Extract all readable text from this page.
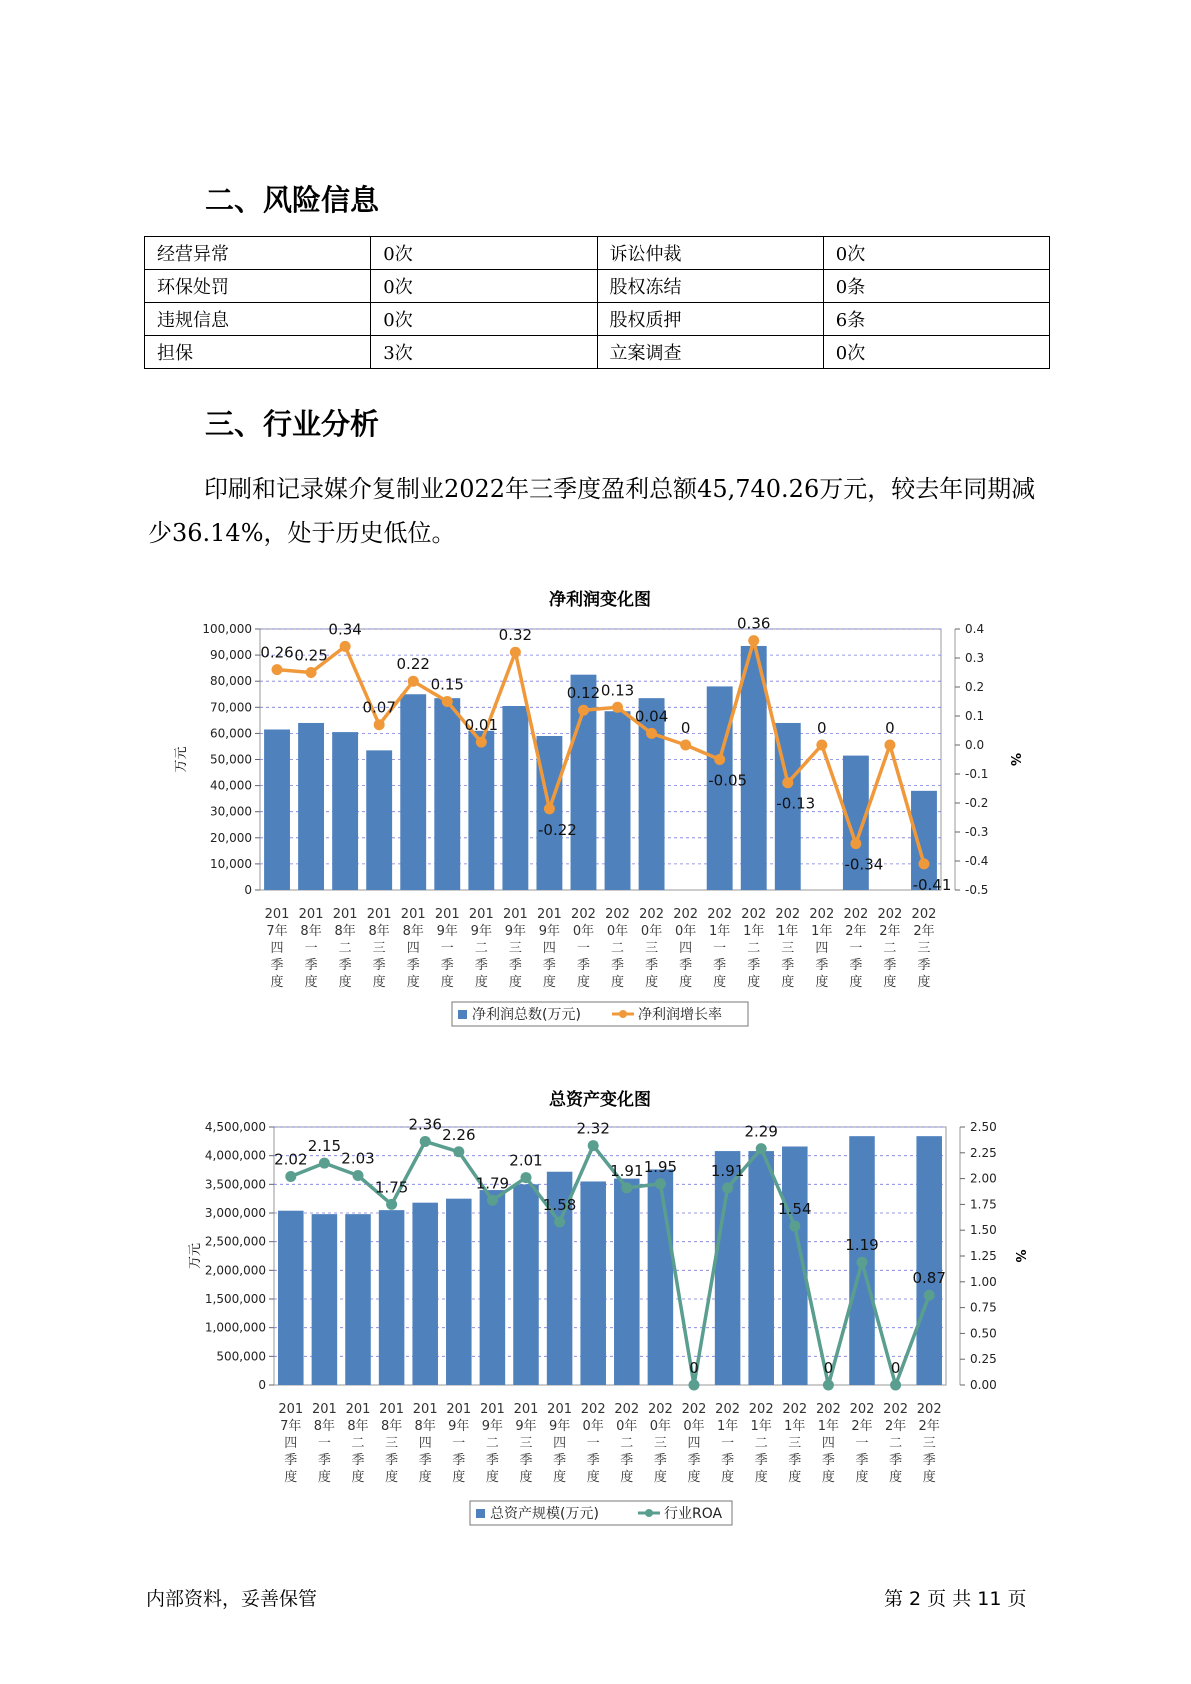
二、风险信息
经营异常	0次	诉讼仲裁	0次
环保处罚	0次	股权冻结	0条
违规信息	0次	股权质押	6条
担保	3次	立案调查	0次
三、行业分析
印刷和记录媒介复制业2022年三季度盈利总额45,740.26万元，较去年同期减少36.14%，处于历史低位。
净利润变化图
0
10,000
20,000
30,000
40,000
50,000
60,000
70,000
80,000
90,000
100,000
-0.5
-0.4
-0.3
-0.2
-0.1
0.0
0.1
0.2
0.3
0.4
万元	%
201 7年四季度
201 8年一季度
201 8年二季度
201 8年三季度
201 8年四季度
201 9年一季度
201 9年二季度
201 9年三季度
201 9年四季度
202 0年一季度
202 0年二季度
202 0年三季度
202 0年四季度
202 1年一季度
202 1年二季度
202 1年三季度
202 1年四季度
202 2年一季度
202 2年二季度
202 2年三季度
0.26 0.25
0.34
0.07
0.22
0.15
0.01
0.32
-0.22
0.12 0.13
0.04
0
-0.05
0.36
-0.13
0
-0.34
0
-0.41
净利润总数(万元)	净利润增长率
总资产变化图
0
500,000
1,000,000
1,500,000
2,000,000
2,500,000
3,000,000
3,500,000
4,000,000
4,500,000
0.00
0.25
0.50
0.75
1.00
1.25
1.50
1.75
2.00
2.25
2.50
万元	%
201 7年四季度
201 8年一季度
201 8年二季度
201 8年三季度
201 8年四季度
201 9年一季度
201 9年二季度
201 9年三季度
201 9年四季度
202 0年一季度
202 0年二季度
202 0年三季度
202 0年四季度
202 1年一季度
202 1年二季度
202 1年三季度
202 1年四季度
202 2年一季度
202 2年二季度
202 2年三季度
2.02
2.15
2.03
1.75
2.36
2.26
1.79
2.01
1.58
2.32
1.91 1.95
0
1.91
2.29
1.54
0
1.19
0
0.87
总资产规模(万元)	行业ROA
内部资料，妥善保管	第 2 页 共 11 页
